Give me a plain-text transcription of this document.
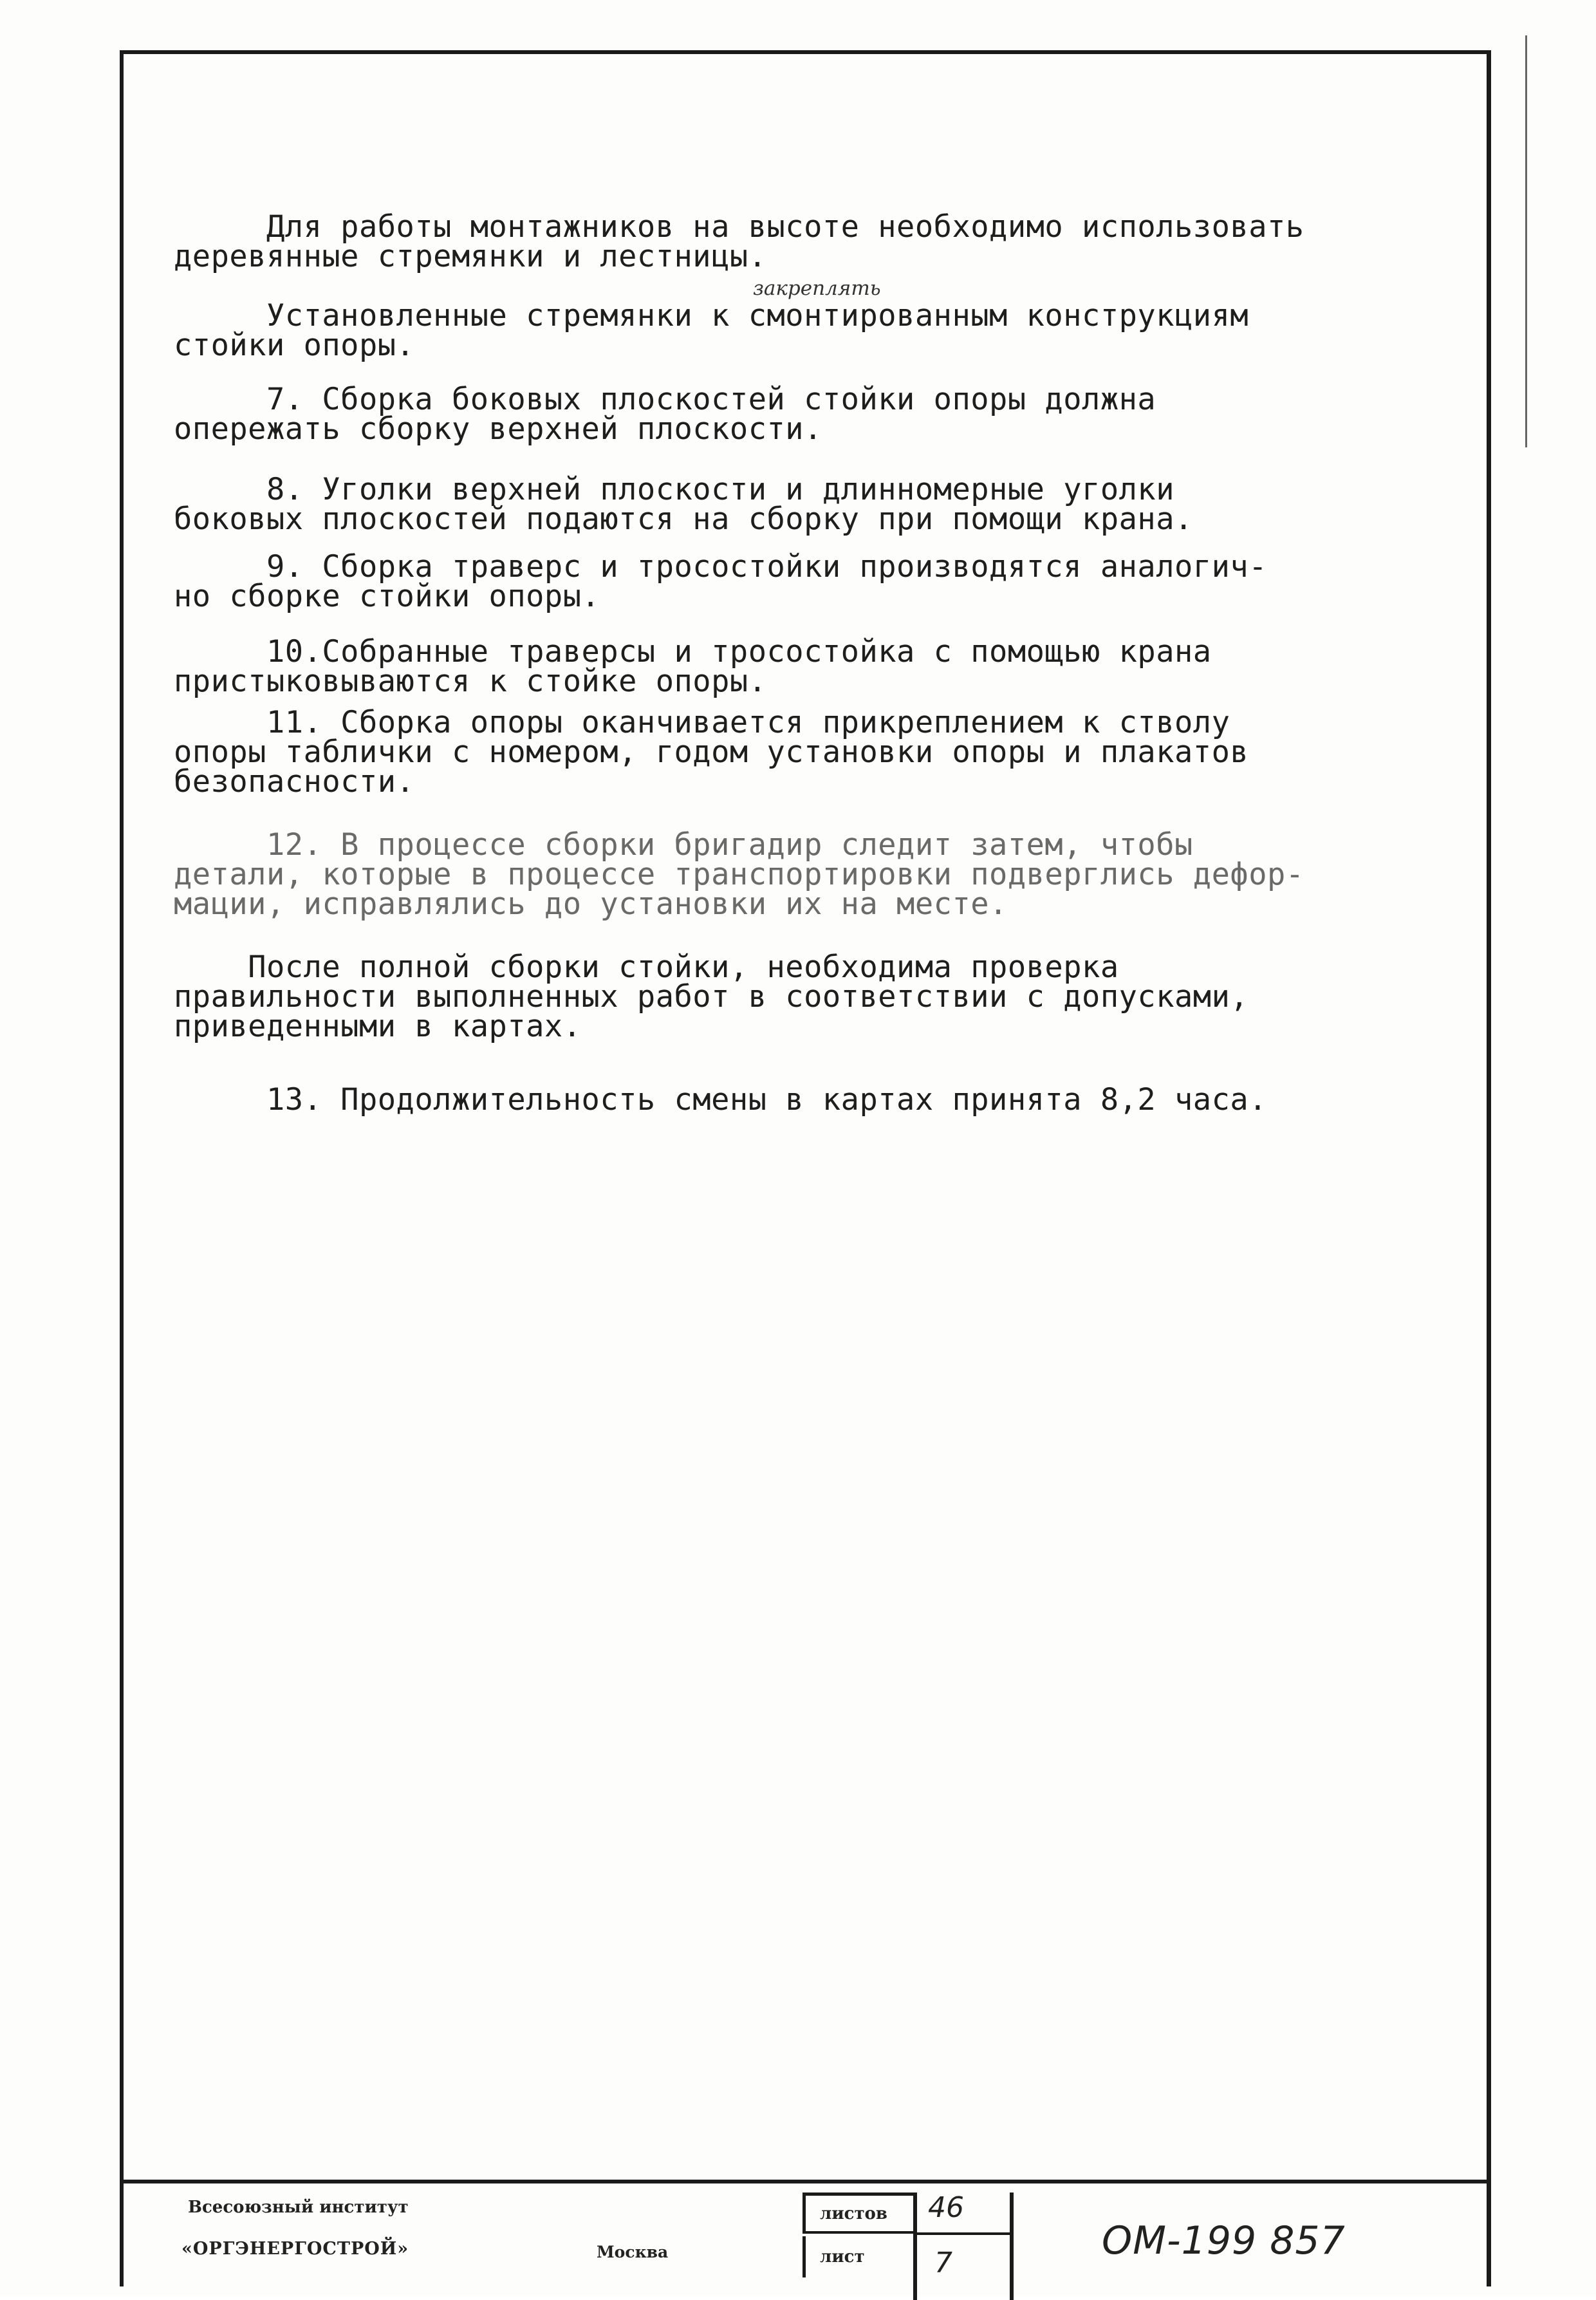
Для работы монтажников на высоте необходимо использовать
деревянные стремянки и лестницы.
закреплять
Установленные стремянки к смонтированным конструкциям
стойки опоры.
7. Сборка боковых плоскостей стойки опоры должна
опережать сборку верхней плоскости.
8. Уголки верхней плоскости и длинномерные уголки
боковых плоскостей подаются на сборку при помощи крана.
9. Сборка траверс и тросостойки производятся аналогич-
но сборке стойки опоры.
10.Собранные траверсы и тросостойка с помощью крана
пристыковываются к стойке опоры.
11. Сборка опоры оканчивается прикреплением к стволу
опоры таблички с номером, годом установки опоры и плакатов
безопасности.
12. В процессе сборки бригадир следит затем, чтобы
детали, которые в процессе транспортировки подверглись дефор-
мации, исправлялись до установки их на месте.
После полной сборки стойки, необходима проверка
правильности выполненных работ в соответствии с допусками,
приведенными в картах.
13. Продолжительность смены в картах принята 8,2 часа.
Всесоюзный институт
«ОРГЭНЕРГОСТРОЙ»	Москва
листов
лист
46
7	ОМ-199 857
